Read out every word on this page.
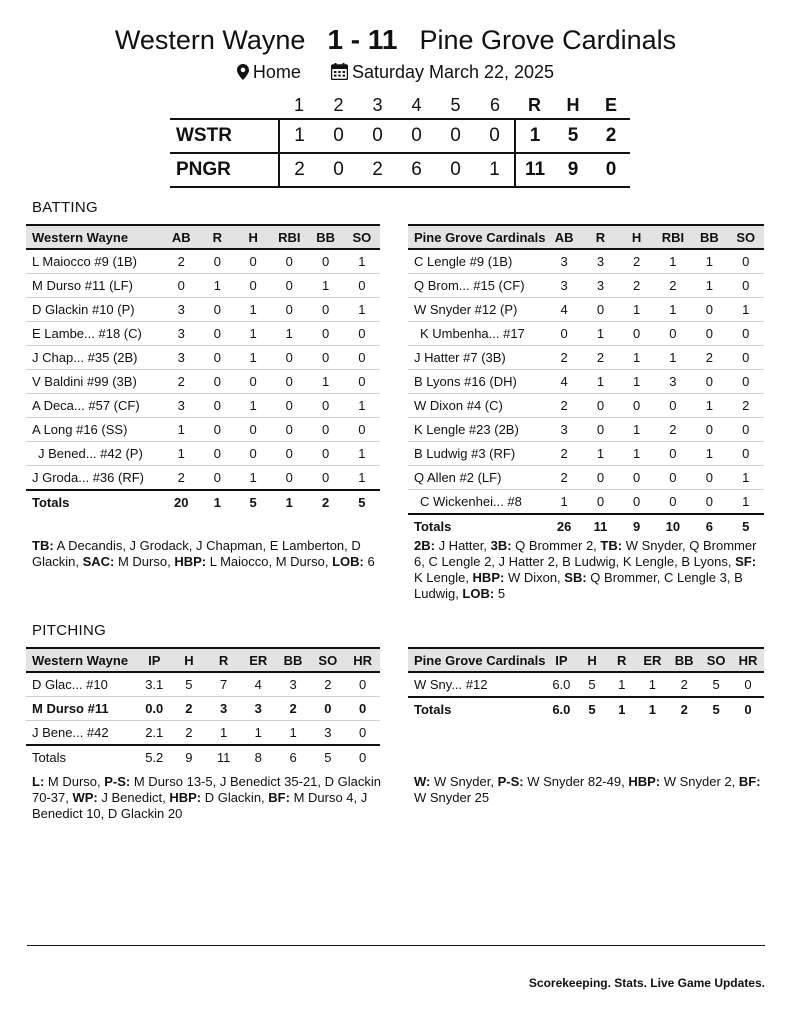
Western Wayne 1 - 11 Pine Grove Cardinals
Home	Saturday March 22, 2025
	1	2	3	4	5	6	R	H	E
WSTR	1	0	0	0	0	0	1	5	2
PNGR	2	0	2	6	0	1	11	9	0
BATTING
PITCHING
Western Wayne	AB	R	H	RBI	BB	SO
L Maiocco #9 (1B)	2	0	0	0	0	1
M Durso #11 (LF)	0	1	0	0	1	0
D Glackin #10 (P)	3	0	1	0	0	1
E Lambe... #18 (C)	3	0	1	1	0	0
J Chap... #35 (2B)	3	0	1	0	0	0
V Baldini #99 (3B)	2	0	0	0	1	0
A Deca... #57 (CF)	3	0	1	0	0	1
A Long #16 (SS)	1	0	0	0	0	0
J Bened... #42 (P)	1	0	0	0	0	1
J Groda... #36 (RF)	2	0	1	0	0	1
Totals	20	1	5	1	2	5
Pine Grove Cardinals	AB	R	H	RBI	BB	SO
C Lengle #9 (1B)	3	3	2	1	1	0
Q Brom... #15 (CF)	3	3	2	2	1	0
W Snyder #12 (P)	4	0	1	1	0	1
K Umbenha... #17	0	1	0	0	0	0
J Hatter #7 (3B)	2	2	1	1	2	0
B Lyons #16 (DH)	4	1	1	3	0	0
W Dixon #4 (C)	2	0	0	0	1	2
K Lengle #23 (2B)	3	0	1	2	0	0
B Ludwig #3 (RF)	2	1	1	0	1	0
Q Allen #2 (LF)	2	0	0	0	0	1
C Wickenhei... #8	1	0	0	0	0	1
Totals	26	11	9	10	6	5
Western Wayne	IP	H	R	ER	BB	SO	HR
D Glac... #10	3.1	5	7	4	3	2	0
M Durso #11	0.0	2	3	3	2	0	0
J Bene... #42	2.1	2	1	1	1	3	0
Totals	5.2	9	11	8	6	5	0
Pine Grove Cardinals	IP	H	R	ER	BB	SO	HR
W Sny... #12	6.0	5	1	1	2	5	0
Totals	6.0	5	1	1	2	5	0
TB: A Decandis, J Grodack, J Chapman, E Lamberton, D Glackin, SAC: M Durso, HBP: L Maiocco, M Durso, LOB: 6
2B: J Hatter, 3B: Q Brommer 2, TB: W Snyder, Q Brommer 6, C Lengle 2, J Hatter 2, B Ludwig, K Lengle, B Lyons, SF: K Lengle, HBP: W Dixon, SB: Q Brommer, C Lengle 3, B Ludwig, LOB: 5
L: M Durso, P-S: M Durso 13-5, J Benedict 35-21, D Glackin 70-37, WP: J Benedict, HBP: D Glackin, BF: M Durso 4, J Benedict 10, D Glackin 20
W: W Snyder, P-S: W Snyder 82-49, HBP: W Snyder 2, BF: W Snyder 25
Scorekeeping. Stats. Live Game Updates.
